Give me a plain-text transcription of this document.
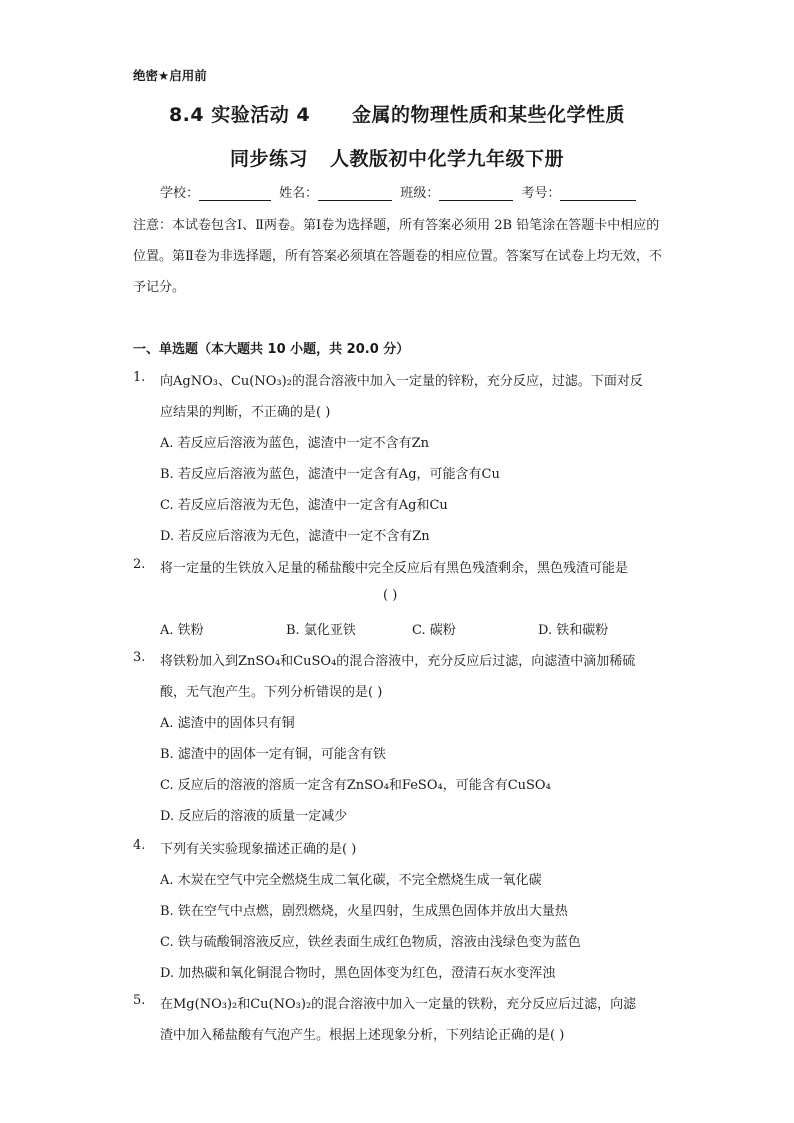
绝密★启用前
8.4 实验活动 4 金属的物理性质和某些化学性质
同步练习 人教版初中化学九年级下册
学校：	姓名：	班级：	考号：
注意：本试卷包含Ⅰ、Ⅱ两卷。第Ⅰ卷为选择题，所有答案必须用 2B 铅笔涂在答题卡中相应的位置。第Ⅱ卷为非选择题，所有答案必须填在答题卷的相应位置。答案写在试卷上均无效，不予记分。
一、单选题（本大题共 10 小题，共 20.0 分）
1. 向AgNO₃、Cu(NO₃)₂的混合溶液中加入一定量的锌粉，充分反应，过滤。下面对反
应结果的判断，不正确的是( )
A. 若反应后溶液为蓝色，滤渣中一定不含有Zn
B. 若反应后溶液为蓝色，滤渣中一定含有Ag，可能含有Cu
C. 若反应后溶液为无色，滤渣中一定含有Ag和Cu
D. 若反应后溶液为无色，滤渣中一定不含有Zn
2. 将一定量的生铁放入足量的稀盐酸中完全反应后有黑色残渣剩余，黑色残渣可能是
( )
A. 铁粉	B. 氯化亚铁	C. 碳粉	D. 铁和碳粉
3. 将铁粉加入到ZnSO₄和CuSO₄的混合溶液中，充分反应后过滤，向滤渣中滴加稀硫
酸，无气泡产生。下列分析错误的是( )
A. 滤渣中的固体只有铜
B. 滤渣中的固体一定有铜，可能含有铁
C. 反应后的溶液的溶质一定含有ZnSO₄和FeSO₄，可能含有CuSO₄
D. 反应后的溶液的质量一定减少
4. 下列有关实验现象描述正确的是( )
A. 木炭在空气中完全燃烧生成二氧化碳，不完全燃烧生成一氧化碳
B. 铁在空气中点燃，剧烈燃烧，火星四射，生成黑色固体并放出大量热
C. 铁与硫酸铜溶液反应，铁丝表面生成红色物质，溶液由浅绿色变为蓝色
D. 加热碳和氧化铜混合物时，黑色固体变为红色，澄清石灰水变浑浊
5. 在Mg(NO₃)₂和Cu(NO₃)₂的混合溶液中加入一定量的铁粉，充分反应后过滤，向滤
渣中加入稀盐酸有气泡产生。根据上述现象分析，下列结论正确的是( )
